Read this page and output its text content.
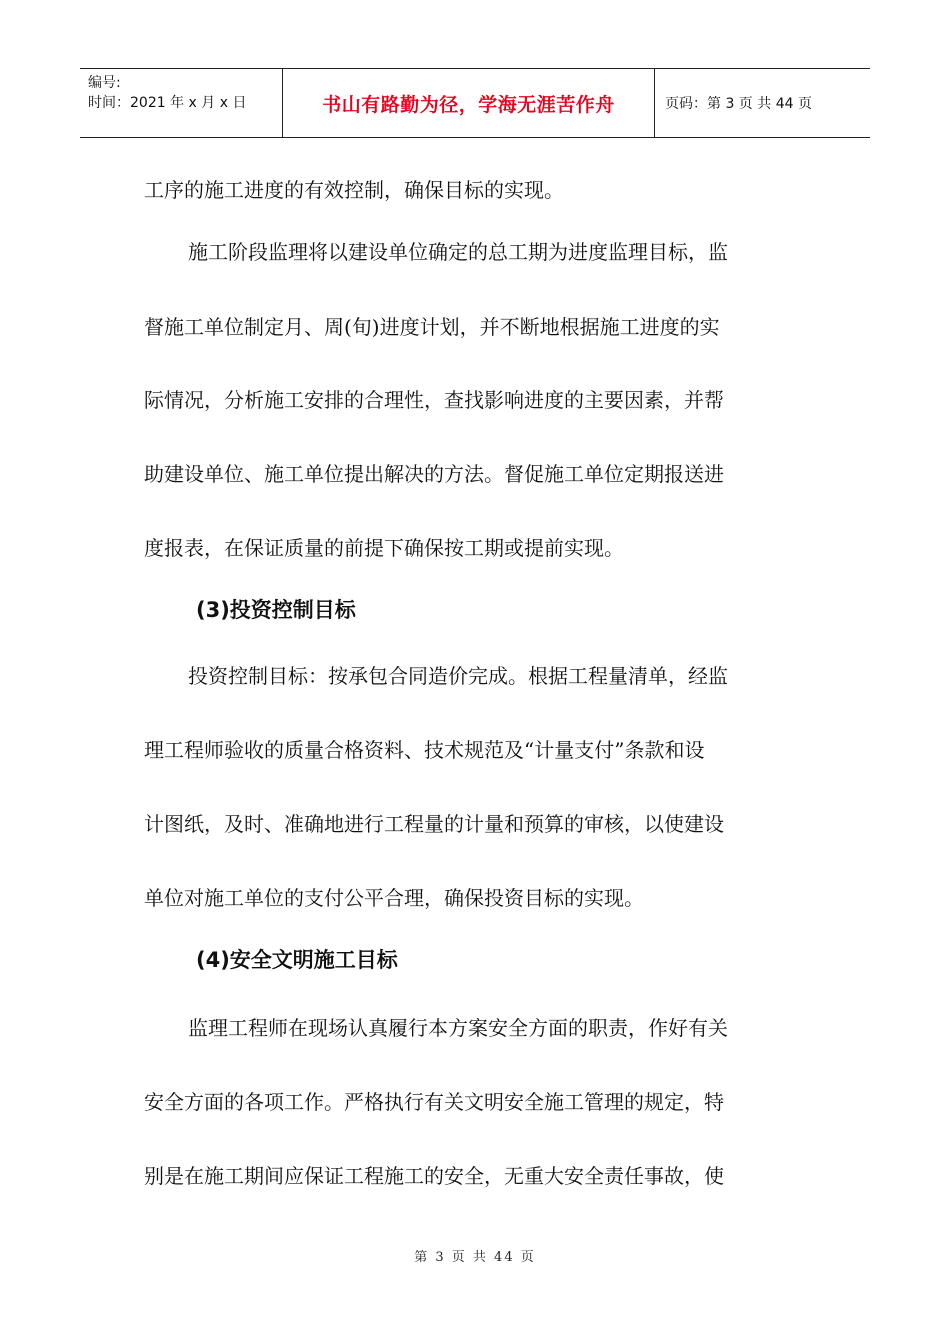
编号:
时间：2021 年 x 月 x 日	书山有路勤为径，学海无涯苦作舟	页码：第 3 页 共 44 页
工序的施工进度的有效控制，确保目标的实现。
施工阶段监理将以建设单位确定的总工期为进度监理目标，监
督施工单位制定月、周(旬)进度计划，并不断地根据施工进度的实
际情况，分析施工安排的合理性，查找影响进度的主要因素，并帮
助建设单位、施工单位提出解决的方法。督促施工单位定期报送进
度报表，在保证质量的前提下确保按工期或提前实现。
(3)投资控制目标
投资控制目标：按承包合同造价完成。根据工程量清单，经监
理工程师验收的质量合格资料、技术规范及“计量支付”条款和设
计图纸，及时、准确地进行工程量的计量和预算的审核，以使建设
单位对施工单位的支付公平合理，确保投资目标的实现。
(4)安全文明施工目标
监理工程师在现场认真履行本方案安全方面的职责，作好有关
安全方面的各项工作。严格执行有关文明安全施工管理的规定，特
别是在施工期间应保证工程施工的安全，无重大安全责任事故，使
第 3 页 共 44 页
